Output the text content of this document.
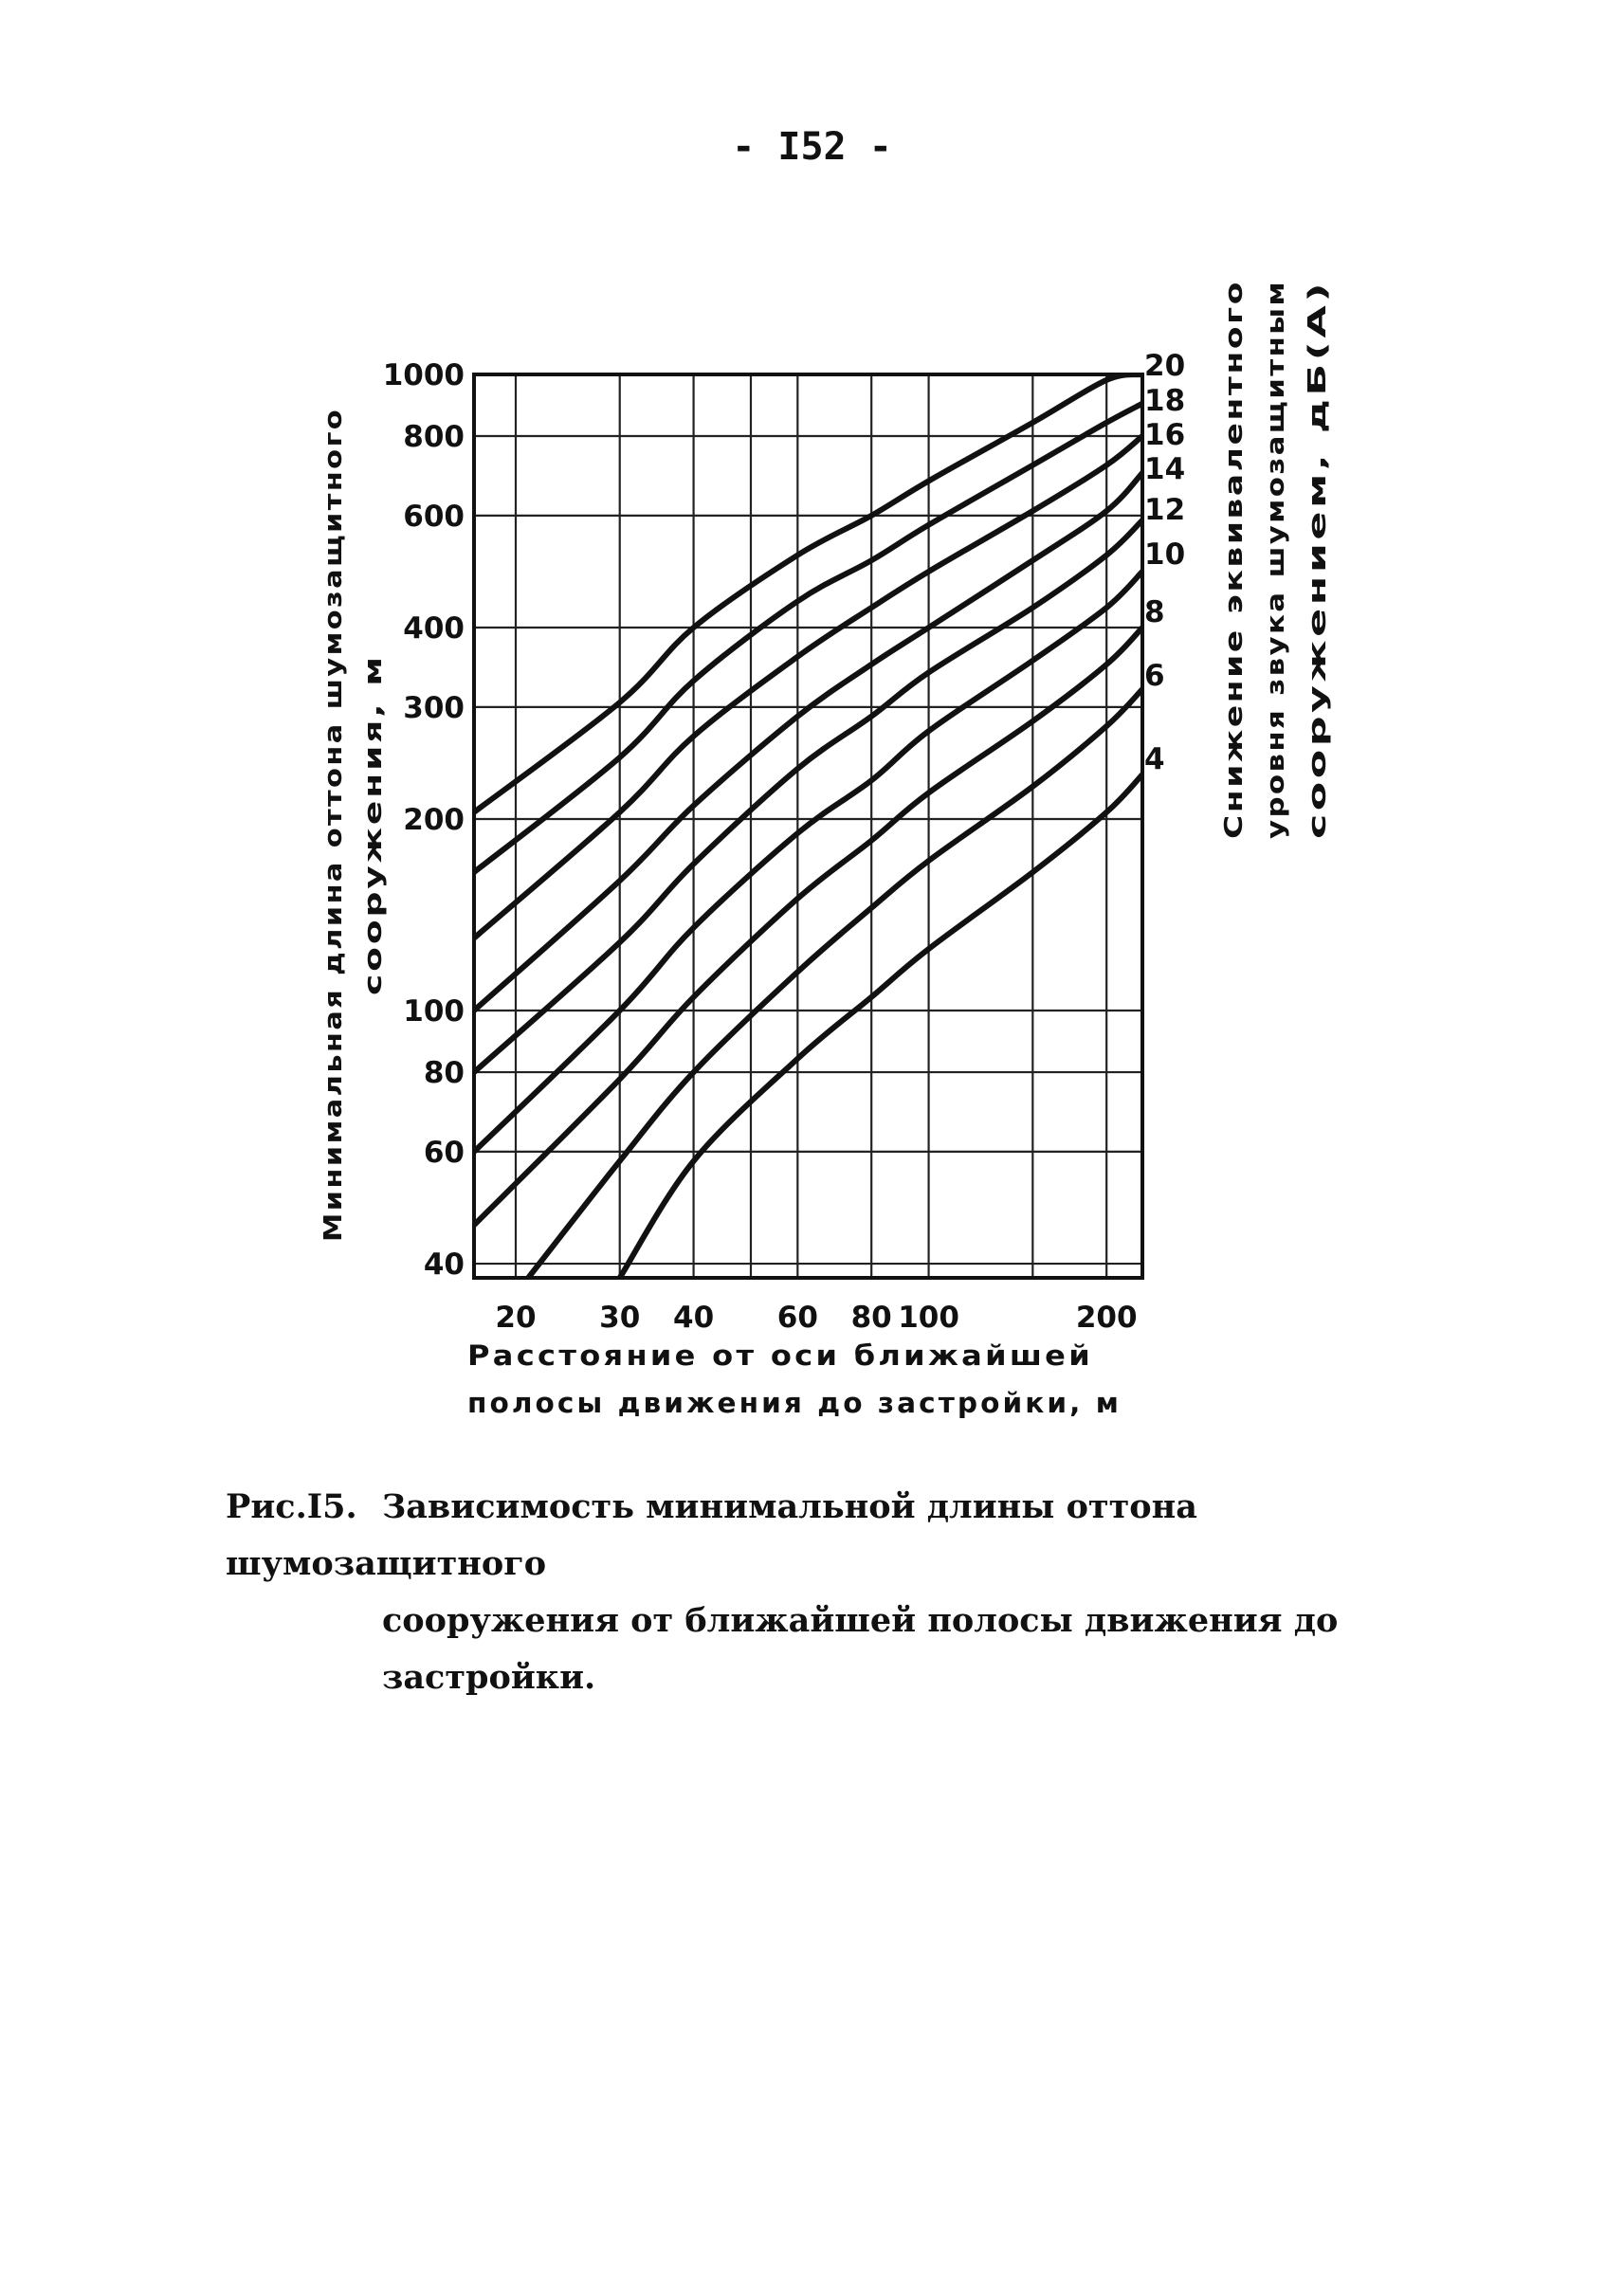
- I52 -
40
60
80
100
200
300
400
600
800
1000
20 30 40 60 80 100	200
20
18
16
14
12
10
8
6
4
Расстояние от оси ближайшей
полосы движения до застройки, м
Минимальная длина оттона шумозащитного сооружения, м
Снижение эквивалентного уровня звука шумозащитным сооружением, дБ(А)
Рис.I5. Зависимость минимальной длины оттона шумозащитного
сооружения от ближайшей полосы движения до
застройки.
